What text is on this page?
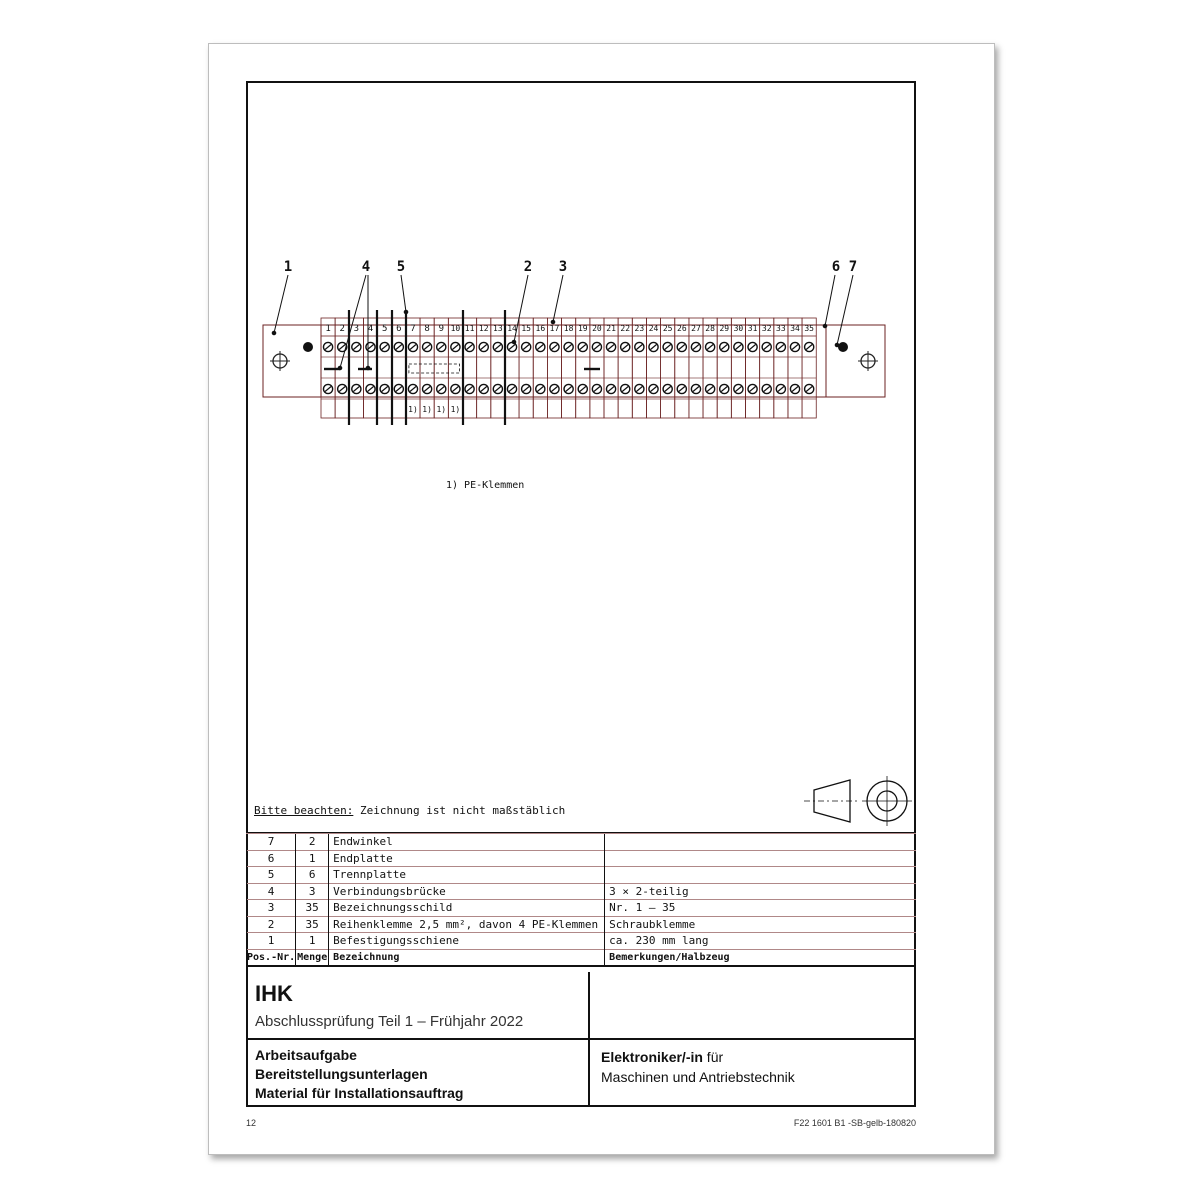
1 2 3 4 5 6 7 8 9 10 11 12 13 14 15 16 17 18 19 20 21 22 23 24 25 26 27 28 29 30 31 32 33 34 35
1) 1) 1) 1)
1	4 5	2 3	6 7
1) PE-Klemmen
Bitte beachten: Zeichnung ist nicht maßstäblich
7	2	Endwinkel	
6	1	Endplatte	
5	6	Trennplatte	
4	3	Verbindungsbrücke	3 × 2-teilig
3	35	Bezeichnungsschild	Nr. 1 – 35
2	35	Reihenklemme 2,5 mm², davon 4 PE-Klemmen	Schraubklemme
1	1	Befestigungsschiene	ca. 230 mm lang
Pos.-Nr.	Menge	Bezeichnung	Bemerkungen/Halbzeug
IHK
Abschlussprüfung Teil 1 – Frühjahr 2022
Arbeitsaufgabe
Bereitstellungsunterlagen
Material für Installationsauftrag
Elektroniker/-in für
Maschinen und Antriebstechnik
12	F22 1601 B1 -SB-gelb-180820
